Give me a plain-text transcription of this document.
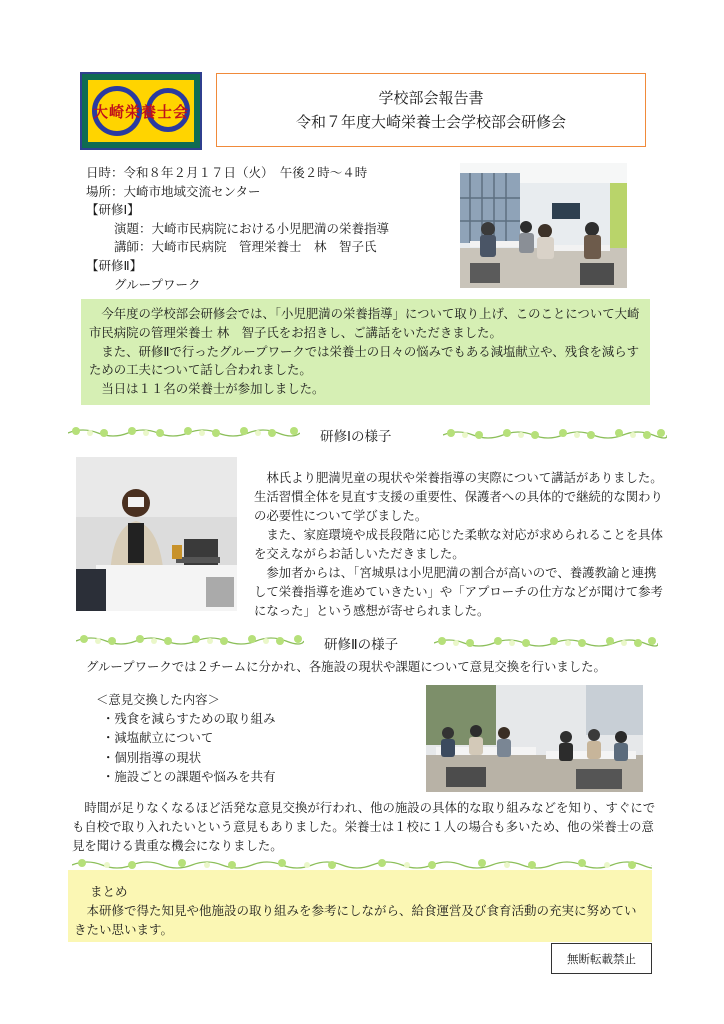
大崎栄養士会
学校部会報告書
令和７年度大崎栄養士会学校部会研修会
日時：令和８年２月１７日（火）　午後２時～４時
場所：大崎市地域交流センター
【研修Ⅰ】
演題：大崎市民病院における小児肥満の栄養指導
講師：大崎市民病院　管理栄養士　林　智子氏
【研修Ⅱ】
グループワーク

今年度の学校部会研修会では、「小児肥満の栄養指導」について取り上げ、このことについて大崎市民病院の管理栄養士 林　智子氏をお招きし、ご講話をいただきました。

また、研修Ⅱで行ったグループワークでは栄養士の日々の悩みでもある減塩献立や、残食を減らすための工夫について話し合われました。

当日は１１名の栄養士が参加しました。

研修Ⅰの様子

林氏より肥満児童の現状や栄養指導の実際について講話がありました。生活習慣全体を見直す支援の重要性、保護者への具体的で継続的な関わりの必要性について学びました。

また、家庭環境や成長段階に応じた柔軟な対応が求められることを具体を交えながらお話しいただきました。

参加者からは、「宮城県は小児肥満の割合が高いので、養護教諭と連携して栄養指導を進めていきたい」や「アプローチの仕方などが聞けて参考になった」という感想が寄せられました。

研修Ⅱの様子
グループワークでは２チームに分かれ、各施設の現状や課題について意見交換を行いました。
＜意見交換した内容＞
・残食を減らすための取り組み
・減塩献立について
・個別指導の現状
・施設ごとの課題や悩みを共有
時間が足りなくなるほど活発な意見交換が行われ、他の施設の具体的な取り組みなどを知り、すぐにでも自校で取り入れたいという意見もありました。栄養士は１校に１人の場合も多いため、他の栄養士の意見を聞ける貴重な機会になりました。
まとめ

本研修で得た知見や他施設の取り組みを参考にしながら、給食運営及び食育活動の充実に努めていきたい思います。

無断転載禁止
